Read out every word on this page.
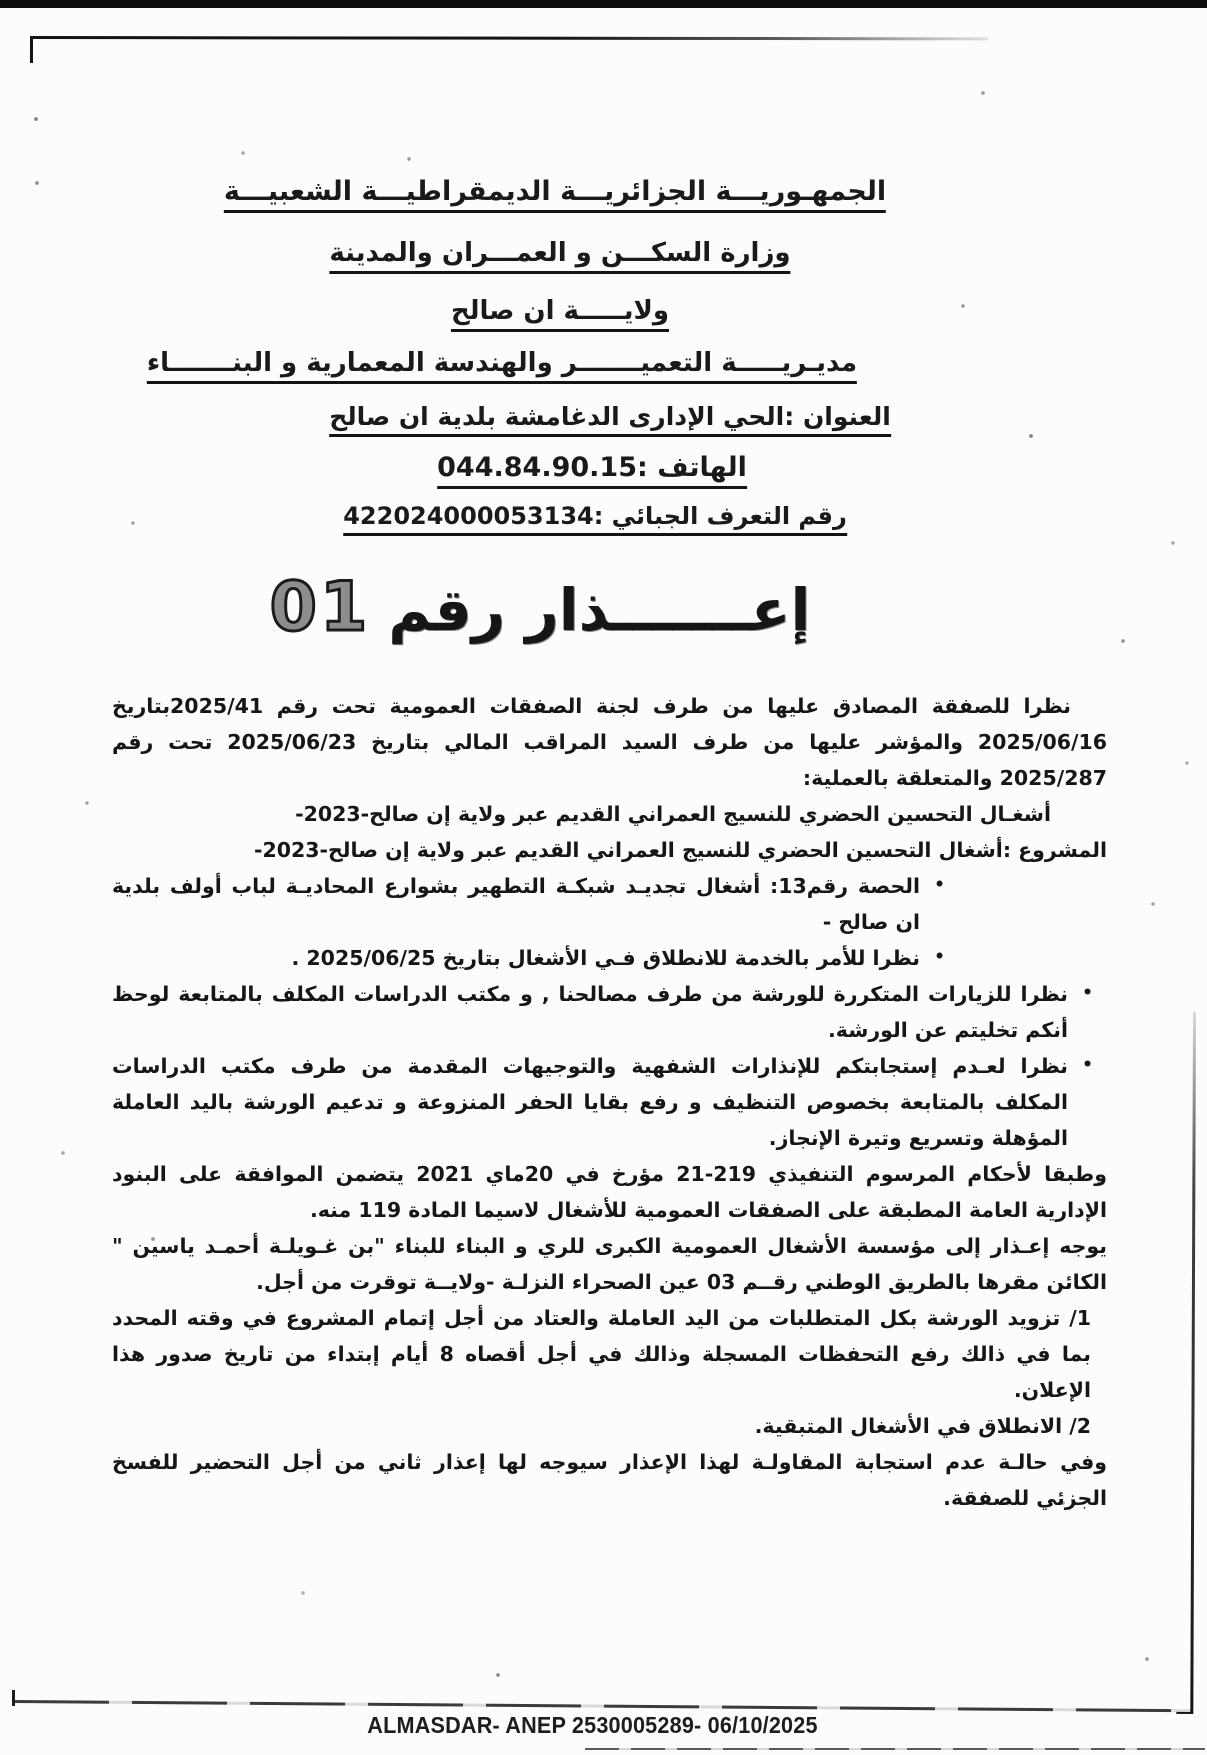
الجمهـوريـــة الجزائريـــة الديمقراطيـــة الشعبيـــة
وزارة السكـــن و العمـــران والمدينة
ولايـــــة ان صالح
مديـريـــــة التعميـــــــر والهندسة المعمارية و البنـــــــاء
العنوان :الحي الإدارى الدغامشة بلدية ان صالح
الهاتف :044.84.90.15
رقم التعرف الجبائي :422024000053134
إعـــــــذار رقم
01

نظرا للصفقة المصادق عليها من طرف لجنة الصفقات العمومية تحت رقم 2025/41بتاريخ 2025/06/16 والمؤشر عليها من طرف السيد المراقب المالي بتاريخ 2025/06/23 تحت رقم 2025/287 والمتعلقة بالعملية:

أشغـال التحسين الحضري للنسيج العمراني القديم عبر ولاية إن صالح-2023-

المشروع :أشغال التحسين الحضري للنسيج العمراني القديم عبر ولاية إن صالح-2023-

•
الحصة رقم13: أشغال تجديـد شبكـة التطهير بشوارع المحاديـة لباب أولف بلدية ان صالح -
•
نظرا للأمر بالخدمة للانطلاق فـي الأشغال بتاريخ 2025/06/25 .
•
نظرا للزيارات المتكررة للورشة من طرف مصالحنا , و مكتب الدراسات المكلف بالمتابعة لوحظ أنكم تخليتم عن الورشة.
•
نظرا لعـدم إستجابتكم للإنذارات الشفهية والتوجيهات المقدمة من طرف مكتب الدراسات المكلف بالمتابعة بخصوص التنظيف و رفع بقايا الحفر المنزوعة و تدعيم الورشة باليد العاملة المؤهلة وتسريع وتيرة الإنجاز.

وطبقا لأحكام المرسوم التنفيذي 219-21 مؤرخ في 20ماي 2021 يتضمن الموافقة على البنود الإدارية العامة المطبقة على الصفقات العمومية للأشغال لاسيما المادة 119 منه.

يوجه إعـذار إلى مؤسسة الأشغال العمومية الكبرى للري و البناء للبناء "بن غـويلـة أحمـد ياسين " الكائن مقرها بالطريق الوطني رقــم 03 عين الصحراء النزلـة -ولايــة توقرت من أجل.

1/ تزويد الورشة بكل المتطلبات من اليد العاملة والعتاد من أجل إتمام المشروع في وقته المحدد بما في ذالك رفع التحفظات المسجلة وذالك في أجل أقصاه 8 أيام إبتداء من تاريخ صدور هذا الإعلان.

2/ الانطلاق في الأشغال المتبقية.

وفي حالـة عدم استجابة المقاولـة لهذا الإعذار سيوجه لها إعذار ثاني من أجل التحضير للفسخ الجزئي للصفقة.

ALMASDAR- ANEP 2530005289- 06/10/2025
